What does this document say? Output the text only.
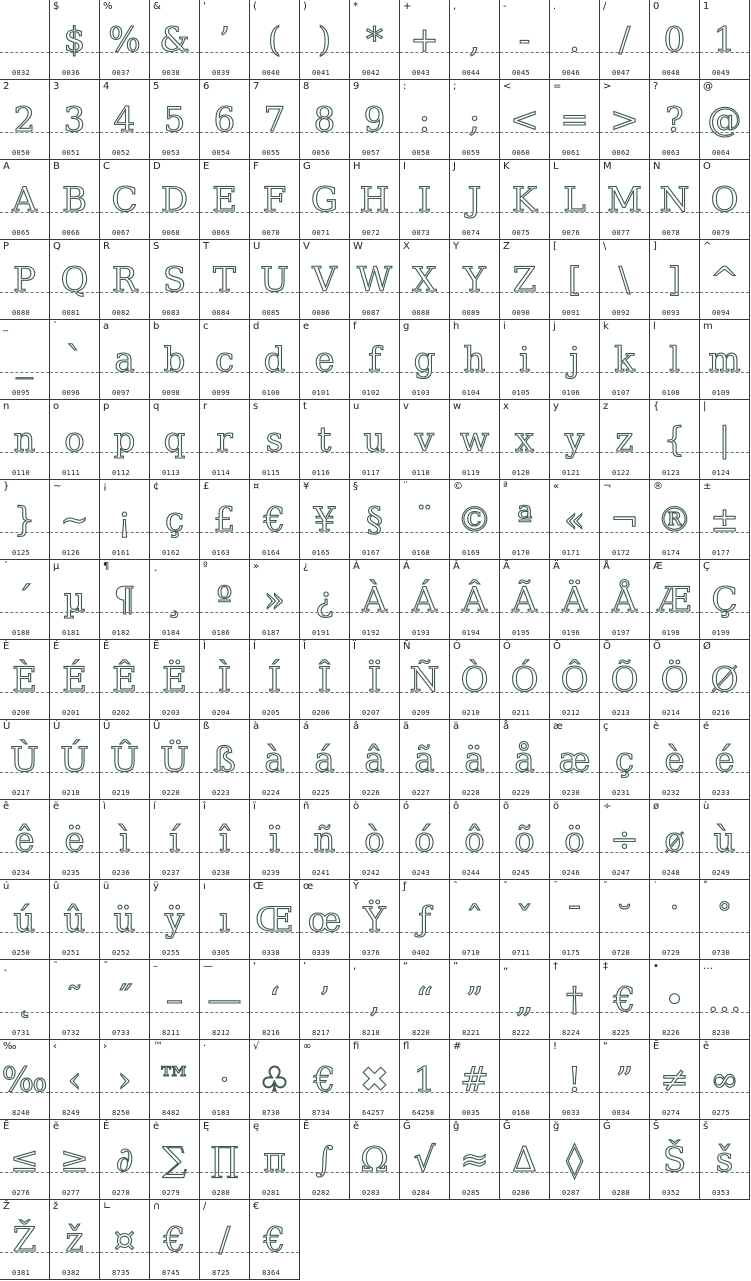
0032
$
$
0036
%
%
0037
&
&
0038
'
’
0039
(
(
0040
)
)
0041
*
*
0042
+
+
0043
,
,
0044
-
-
0045
.
.
0046
/
/
0047
0
0
0048
1
1
0049
2
2
0050
3
3
0051
4
4
0052
5
5
0053
6
6
0054
7
7
0055
8
8
0056
9
9
0057
:
:
0058
;
;
0059
<
<
0060
=
=
0061
>
>
0062
?
?
0063
@
@
0064
A
A
0065
B
B
0066
C
C
0067
D
D
0068
E
E
0069
F
F
0070
G
G
0071
H
H
0072
I
I
0073
J
J
0074
K
K
0075
L
L
0076
M
M
0077
N
N
0078
O
O
0079
P
P
0080
Q
Q
0081
R
R
0082
S
S
0083
T
T
0084
U
U
0085
V
V
0086
W
W
0087
X
X
0088
Y
Y
0089
Z
Z
0090
[
[
0091
\
\
0092
]
]
0093
^
^
0094
_
_
0095
`
`
0096
a
a
0097
b
b
0098
c
c
0099
d
d
0100
e
e
0101
f
f
0102
g
g
0103
h
h
0104
i
i
0105
j
j
0106
k
k
0107
l
l
0108
m
m
0109
n
n
0110
o
o
0111
p
p
0112
q
q
0113
r
r
0114
s
s
0115
t
t
0116
u
u
0117
v
v
0118
w
w
0119
x
x
0120
y
y
0121
z
z
0122
{
{
0123
|
|
0124
}
}
0125
~
~
0126
¡
¡
0161
¢
ç
0162
£
£
0163
¤
€
0164
¥
¥
0165
§
§
0167
¨
¨
0168
©
©
0169
ª
ª
0170
«
«
0171
¬
¬
0172
®
®
0174
±
±
0177
´
´
0180
µ
µ
0181
¶
¶
0182
¸
¸
0184
º
º
0186
»
»
0187
¿
¿
0191
À
À
0192
Á
Á
0193
Â
Â
0194
Ã
Ã
0195
Ä
Ä
0196
Å
Å
0197
Æ
Æ
0198
Ç
Ç
0199
È
È
0200
É
É
0201
Ê
Ê
0202
Ë
Ë
0203
Ì
Ì
0204
Í
Í
0205
Î
Î
0206
Ï
Ï
0207
Ñ
Ñ
0209
Ò
Ò
0210
Ó
Ó
0211
Ô
Ô
0212
Õ
Õ
0213
Ö
Ö
0214
Ø
Ø
0216
Ù
Ù
0217
Ú
Ú
0218
Û
Û
0219
Ü
Ü
0220
ß
ß
0223
à
à
0224
á
á
0225
â
â
0226
ã
ã
0227
ä
ä
0228
å
å
0229
æ
æ
0230
ç
ç
0231
è
è
0232
é
é
0233
ê
ê
0234
ë
ë
0235
ì
ì
0236
í
í
0237
î
î
0238
ï
ï
0239
ñ
ñ
0241
ò
ò
0242
ó
ó
0243
ô
ô
0244
õ
õ
0245
ö
ö
0246
÷
÷
0247
ø
ø
0248
ù
ù
0249
ú
ú
0250
û
û
0251
ü
ü
0252
ÿ
ÿ
0255
ı
ı
0305
Œ
Œ
0338
œ
œ
0339
Ÿ
Ÿ
0376
ƒ
ƒ
0402
ˆ
ˆ
0710
ˇ
ˇ
0711
¯
¯
0175
˘
˘
0728
˙
˙
0729
˚
˚
0730
˛
˛
0731
˜
˜
0732
˝
˝
0733
–
–
8211
—
—
8212
‘
‘
8216
’
’
8217
‚
‚
8218
“
“
8220
”
”
8221
„
„
8222
†
†
8224
‡
€
8225
•
•
8226
…
…
8230
‰
‰
8240
‹
‹
8249
›
›
8250
™
™
8482
·
·
0183
√
♧
8730
∞
€
8734
ﬁ
✖
64257
ﬂ
1
64258
#
#
0035	0160
!
!
0033
"
”
0034
Ē
≠
0274
ē
∞
0275
Ĕ
≤
0276
ĕ
≥
0277
Ė
∂
0278
ė
∑
0279
Ę
∏
0280
ę
π
0281
Ě
∫
0282
ě
Ω
0283
Ĝ
√
0284
ĝ
≈
0285
Ğ
∆
0286
ğ
◊
0287
Ġ
0288
Š
Š
0352
š
š
0353
Ž
Ž
0381
ž
ž
0382
∟
¤
8735
∩
€
8745
∕
/
8725
€
€
8364
